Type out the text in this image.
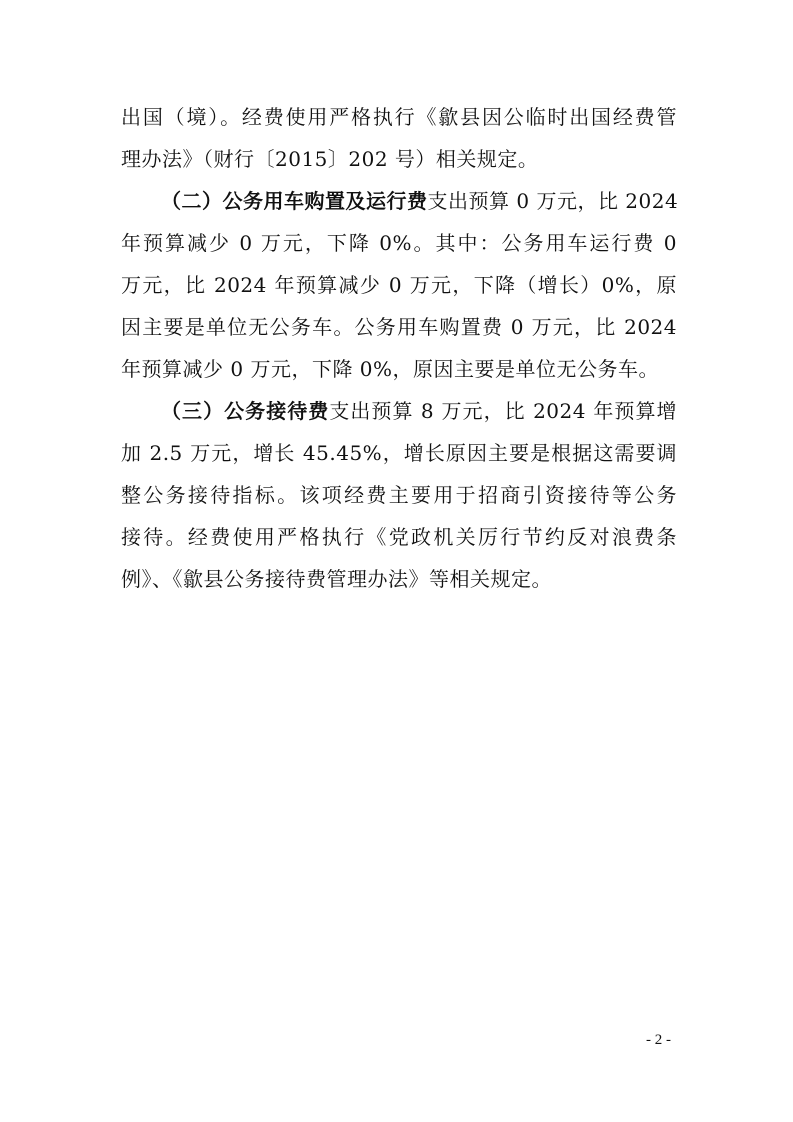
出国（境）。经费使用严格执行《歙县因公临时出国经费管
理办法》（财行〔2015〕202 号）相关规定。
（二）公务用车购置及运行费支出预算 0 万元，比 2024
年预算减少 0 万元，下降 0%。其中：公务用车运行费 0
万元，比 2024 年预算减少 0 万元，下降（增长）0%，原
因主要是单位无公务车。公务用车购置费 0 万元，比 2024
年预算减少 0 万元，下降 0%，原因主要是单位无公务车。
（三）公务接待费支出预算 8 万元，比 2024 年预算增
加 2.5 万元，增长 45.45%，增长原因主要是根据这需要调
整公务接待指标。该项经费主要用于招商引资接待等公务
接待。经费使用严格执行《党政机关厉行节约反对浪费条
例》、《歙县公务接待费管理办法》等相关规定。
- 2 -
